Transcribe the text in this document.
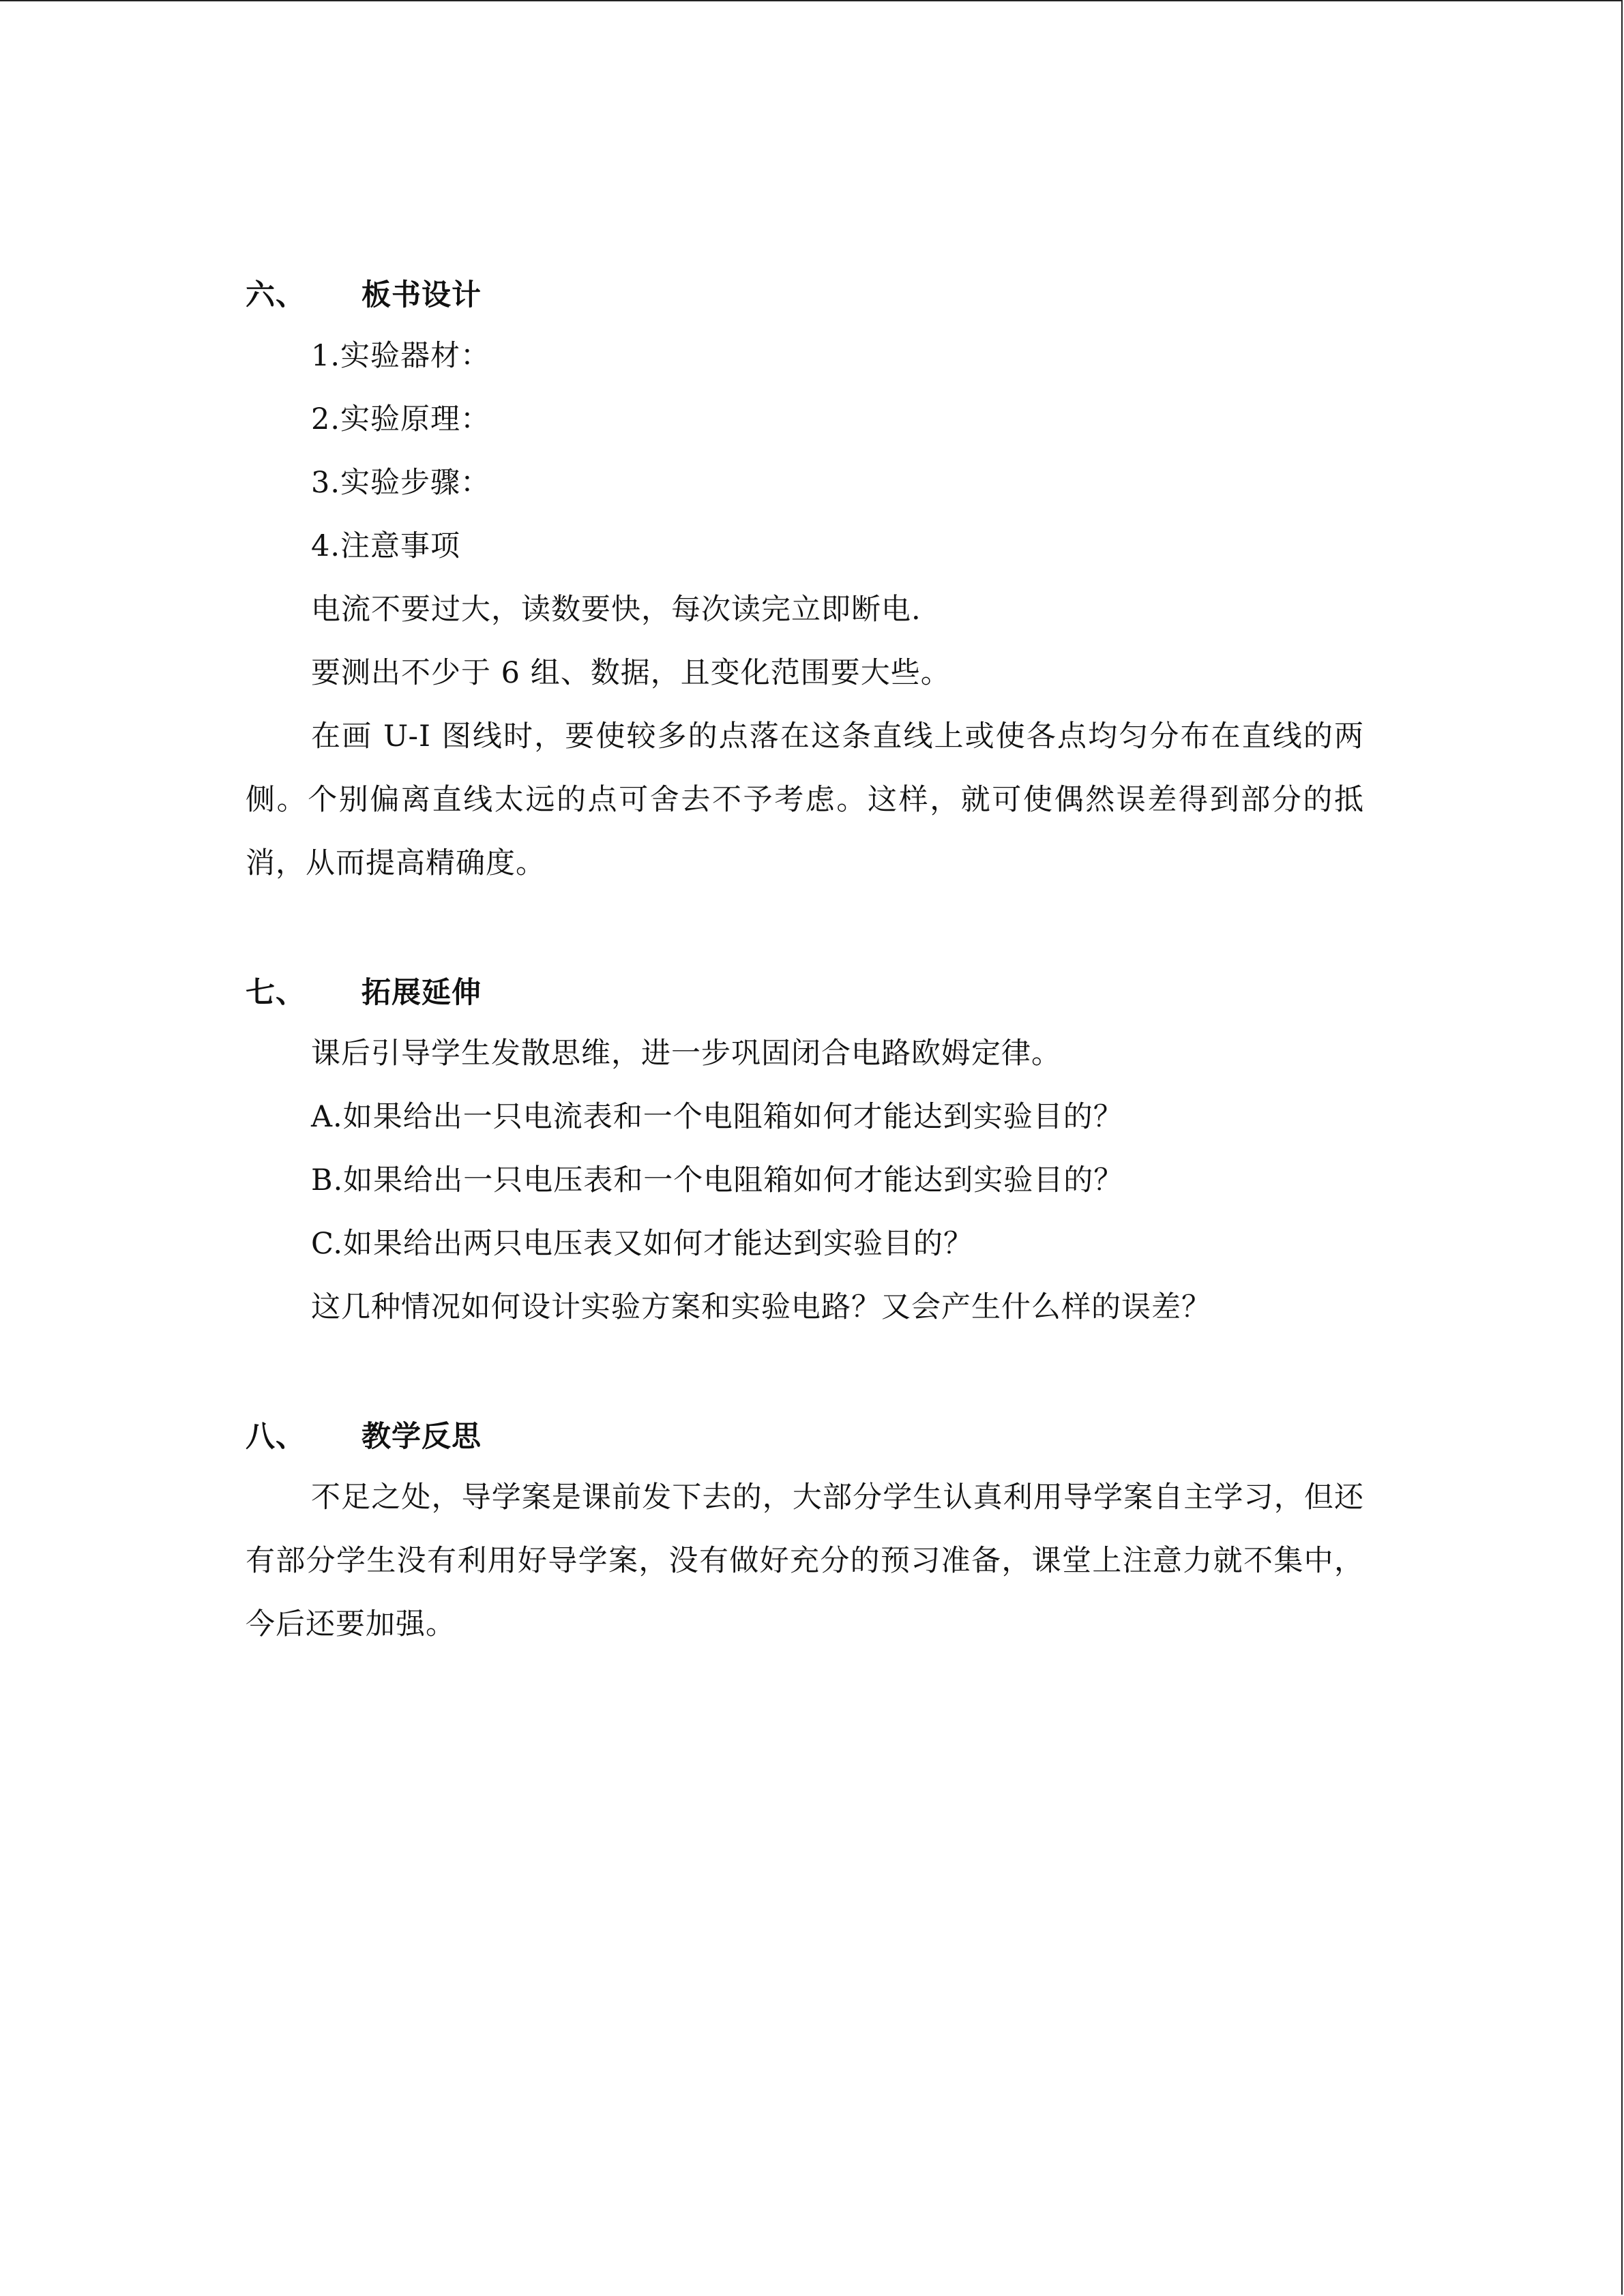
六、	板书设计
1.实验器材：
2.实验原理：
3.实验步骤：
4.注意事项
电流不要过大，读数要快，每次读完立即断电.
要测出不少于 6 组、数据，且变化范围要大些。

在画 U-I 图线时，要使较多的点落在这条直线上或使各点均匀分布在直线的两侧。个别偏离直线太远的点可舍去不予考虑。这样，就可使偶然误差得到部分的抵消，从而提高精确度。

七、	拓展延伸
课后引导学生发散思维，进一步巩固闭合电路欧姆定律。
A.如果给出一只电流表和一个电阻箱如何才能达到实验目的？
B.如果给出一只电压表和一个电阻箱如何才能达到实验目的？
C.如果给出两只电压表又如何才能达到实验目的？
这几种情况如何设计实验方案和实验电路？又会产生什么样的误差？
八、	教学反思

不足之处，导学案是课前发下去的，大部分学生认真利用导学案自主学习，但还有部分学生没有利用好导学案，没有做好充分的预习准备，课堂上注意力就不集中，今后还要加强。
